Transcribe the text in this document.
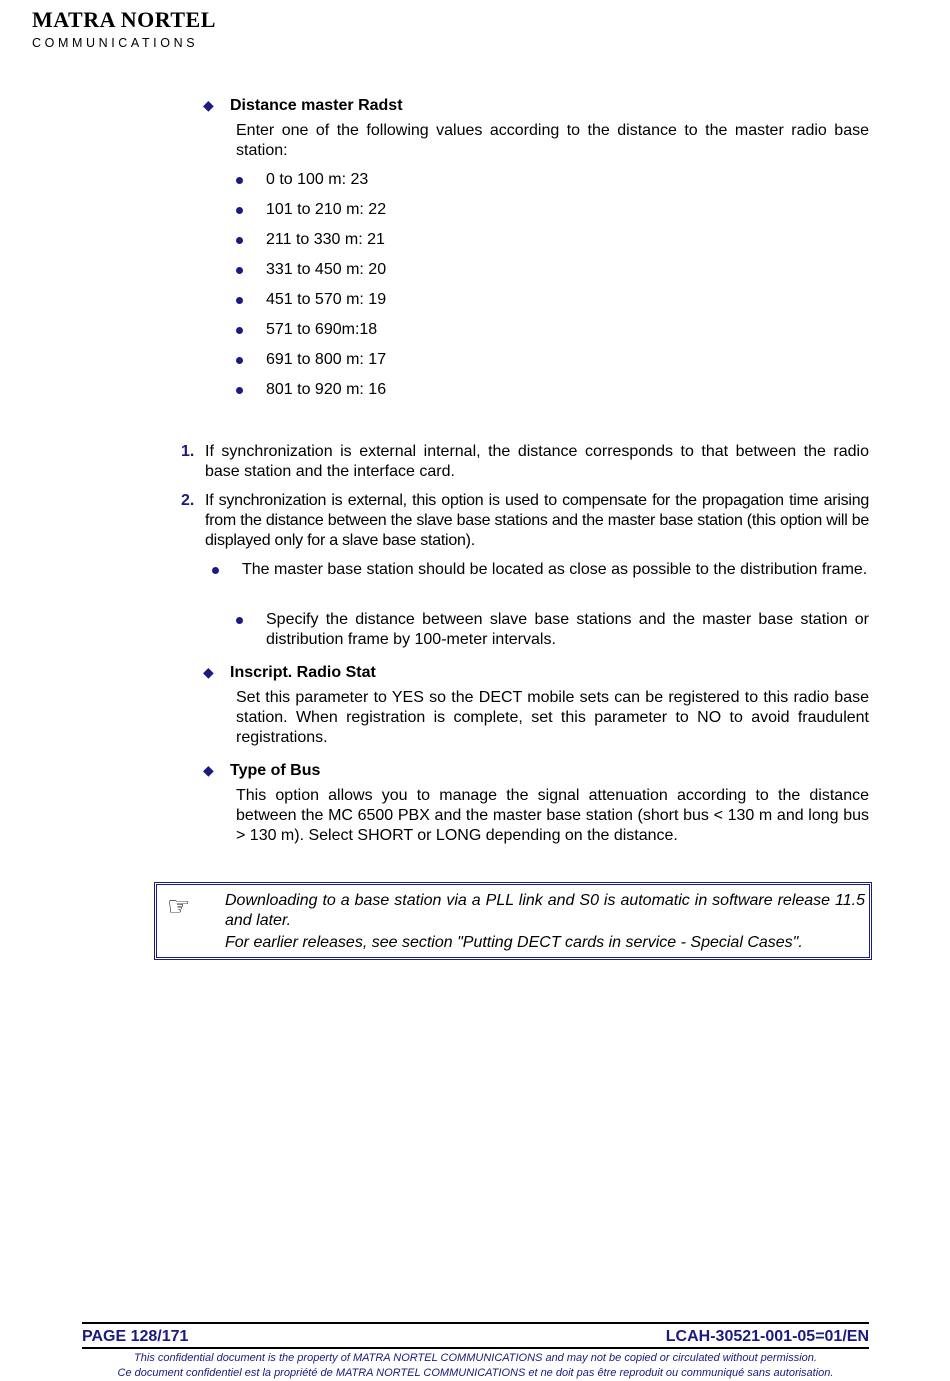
MATRA NORTEL
COMMUNICATIONS
◆ Distance master Radst
Enter one of the following values according to the distance to the master radio base station:
0 to 100 m: 23
101 to 210 m: 22
211 to 330 m: 21
331 to 450 m: 20
451 to 570 m: 19
571 to 690m:18
691 to 800 m: 17
801 to 920 m: 16
1. If synchronization is external internal, the distance corresponds to that between the radio base station and the interface card.
2. If synchronization is external, this option is used to compensate for the propagation time arising from the distance between the slave base stations and the master base station (this option will be displayed only for a slave base station).
The master base station should be located as close as possible to the distribution frame.
Specify the distance between slave base stations and the master base station or distribution frame by 100-meter intervals.
◆ Inscript. Radio Stat
Set this parameter to YES so the DECT mobile sets can be registered to this radio base station. When registration is complete, set this parameter to NO to avoid fraudulent registrations.
◆ Type of Bus
This option allows you to manage the signal attenuation according to the distance between the MC 6500 PBX and the master base station (short bus < 130 m and long bus > 130 m). Select SHORT or LONG depending on the distance.
☞ Downloading to a base station via a PLL link and S0 is automatic in software release 11.5 and later.
For earlier releases, see section "Putting DECT cards in service - Special Cases".
PAGE 128/171	LCAH-30521-001-05=01/EN
This confidential document is the property of MATRA NORTEL COMMUNICATIONS and may not be copied or circulated without permission.
Ce document confidentiel est la propriété de MATRA NORTEL COMMUNICATIONS et ne doit pas être reproduit ou communiqué sans autorisation.
